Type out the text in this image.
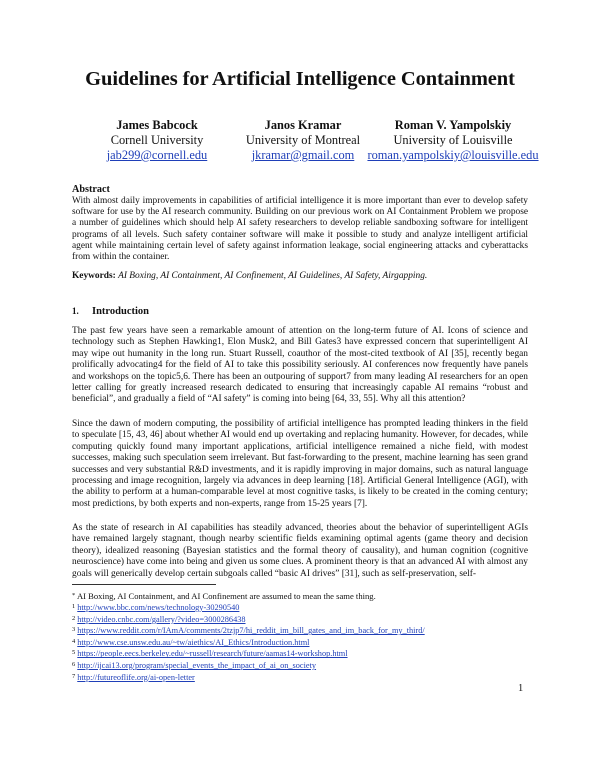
Guidelines for Artificial Intelligence Containment
James Babcock
Cornell University
jab299@cornell.edu
Janos Kramar
University of Montreal
jkramar@gmail.com
Roman V. Yampolskiy
University of Louisville
roman.yampolskiy@louisville.edu
Abstract
With almost daily improvements in capabilities of artificial intelligence it is more important than ever to develop safety software for use by the AI research community. Building on our previous work on AI Containment Problem we propose a number of guidelines which should help AI safety researchers to develop reliable sandboxing software for intelligent programs of all levels. Such safety container software will make it possible to study and analyze intelligent artificial agent while maintaining certain level of safety against information leakage, social engineering attacks and cyberattacks from within the container.
Keywords: AI Boxing, AI Containment, AI Confinement, AI Guidelines, AI Safety, Airgapping.
1. Introduction
The past few years have seen a remarkable amount of attention on the long-term future of AI. Icons of science and technology such as Stephen Hawking1, Elon Musk2, and Bill Gates3 have expressed concern that superintelligent AI may wipe out humanity in the long run. Stuart Russell, coauthor of the most-cited textbook of AI [35], recently began prolifically advocating4 for the field of AI to take this possibility seriously. AI conferences now frequently have panels and workshops on the topic5,6. There has been an outpouring of support7 from many leading AI researchers for an open letter calling for greatly increased research dedicated to ensuring that increasingly capable AI remains “robust and beneficial”, and gradually a field of “AI safety” is coming into being [64, 33, 55]. Why all this attention?
Since the dawn of modern computing, the possibility of artificial intelligence has prompted leading thinkers in the field to speculate [15, 43, 46] about whether AI would end up overtaking and replacing humanity. However, for decades, while computing quickly found many important applications, artificial intelligence remained a niche field, with modest successes, making such speculation seem irrelevant. But fast-forwarding to the present, machine learning has seen grand successes and very substantial R&D investments, and it is rapidly improving in major domains, such as natural language processing and image recognition, largely via advances in deep learning [18]. Artificial General Intelligence (AGI), with the ability to perform at a human-comparable level at most cognitive tasks, is likely to be created in the coming century; most predictions, by both experts and non-experts, range from 15-25 years [7].
As the state of research in AI capabilities has steadily advanced, theories about the behavior of superintelligent AGIs have remained largely stagnant, though nearby scientific fields examining optimal agents (game theory and decision theory), idealized reasoning (Bayesian statistics and the formal theory of causality), and human cognition (cognitive neuroscience) have come into being and given us some clues. A prominent theory is that an advanced AI with almost any goals will generically develop certain subgoals called “basic AI drives” [31], such as self-preservation, self-
* AI Boxing, AI Containment, and AI Confinement are assumed to mean the same thing.
$^1$ http://www.bbc.com/news/technology-30290540
$^2$ http://video.cnbc.com/gallery/?video=3000286438
$^3$ https://www.reddit.com/r/IAmA/comments/2tzjp7/hi_reddit_im_bill_gates_and_im_back_for_my_third/
$^4$ http://www.cse.unsw.edu.au/~tw/aiethics/AI_Ethics/Introduction.html
$^5$ https://people.eecs.berkeley.edu/~russell/research/future/aamas14-workshop.html
$^6$ http://ijcai13.org/program/special_events_the_impact_of_ai_on_society
$^7$ http://futureoflife.org/ai-open-letter
1
